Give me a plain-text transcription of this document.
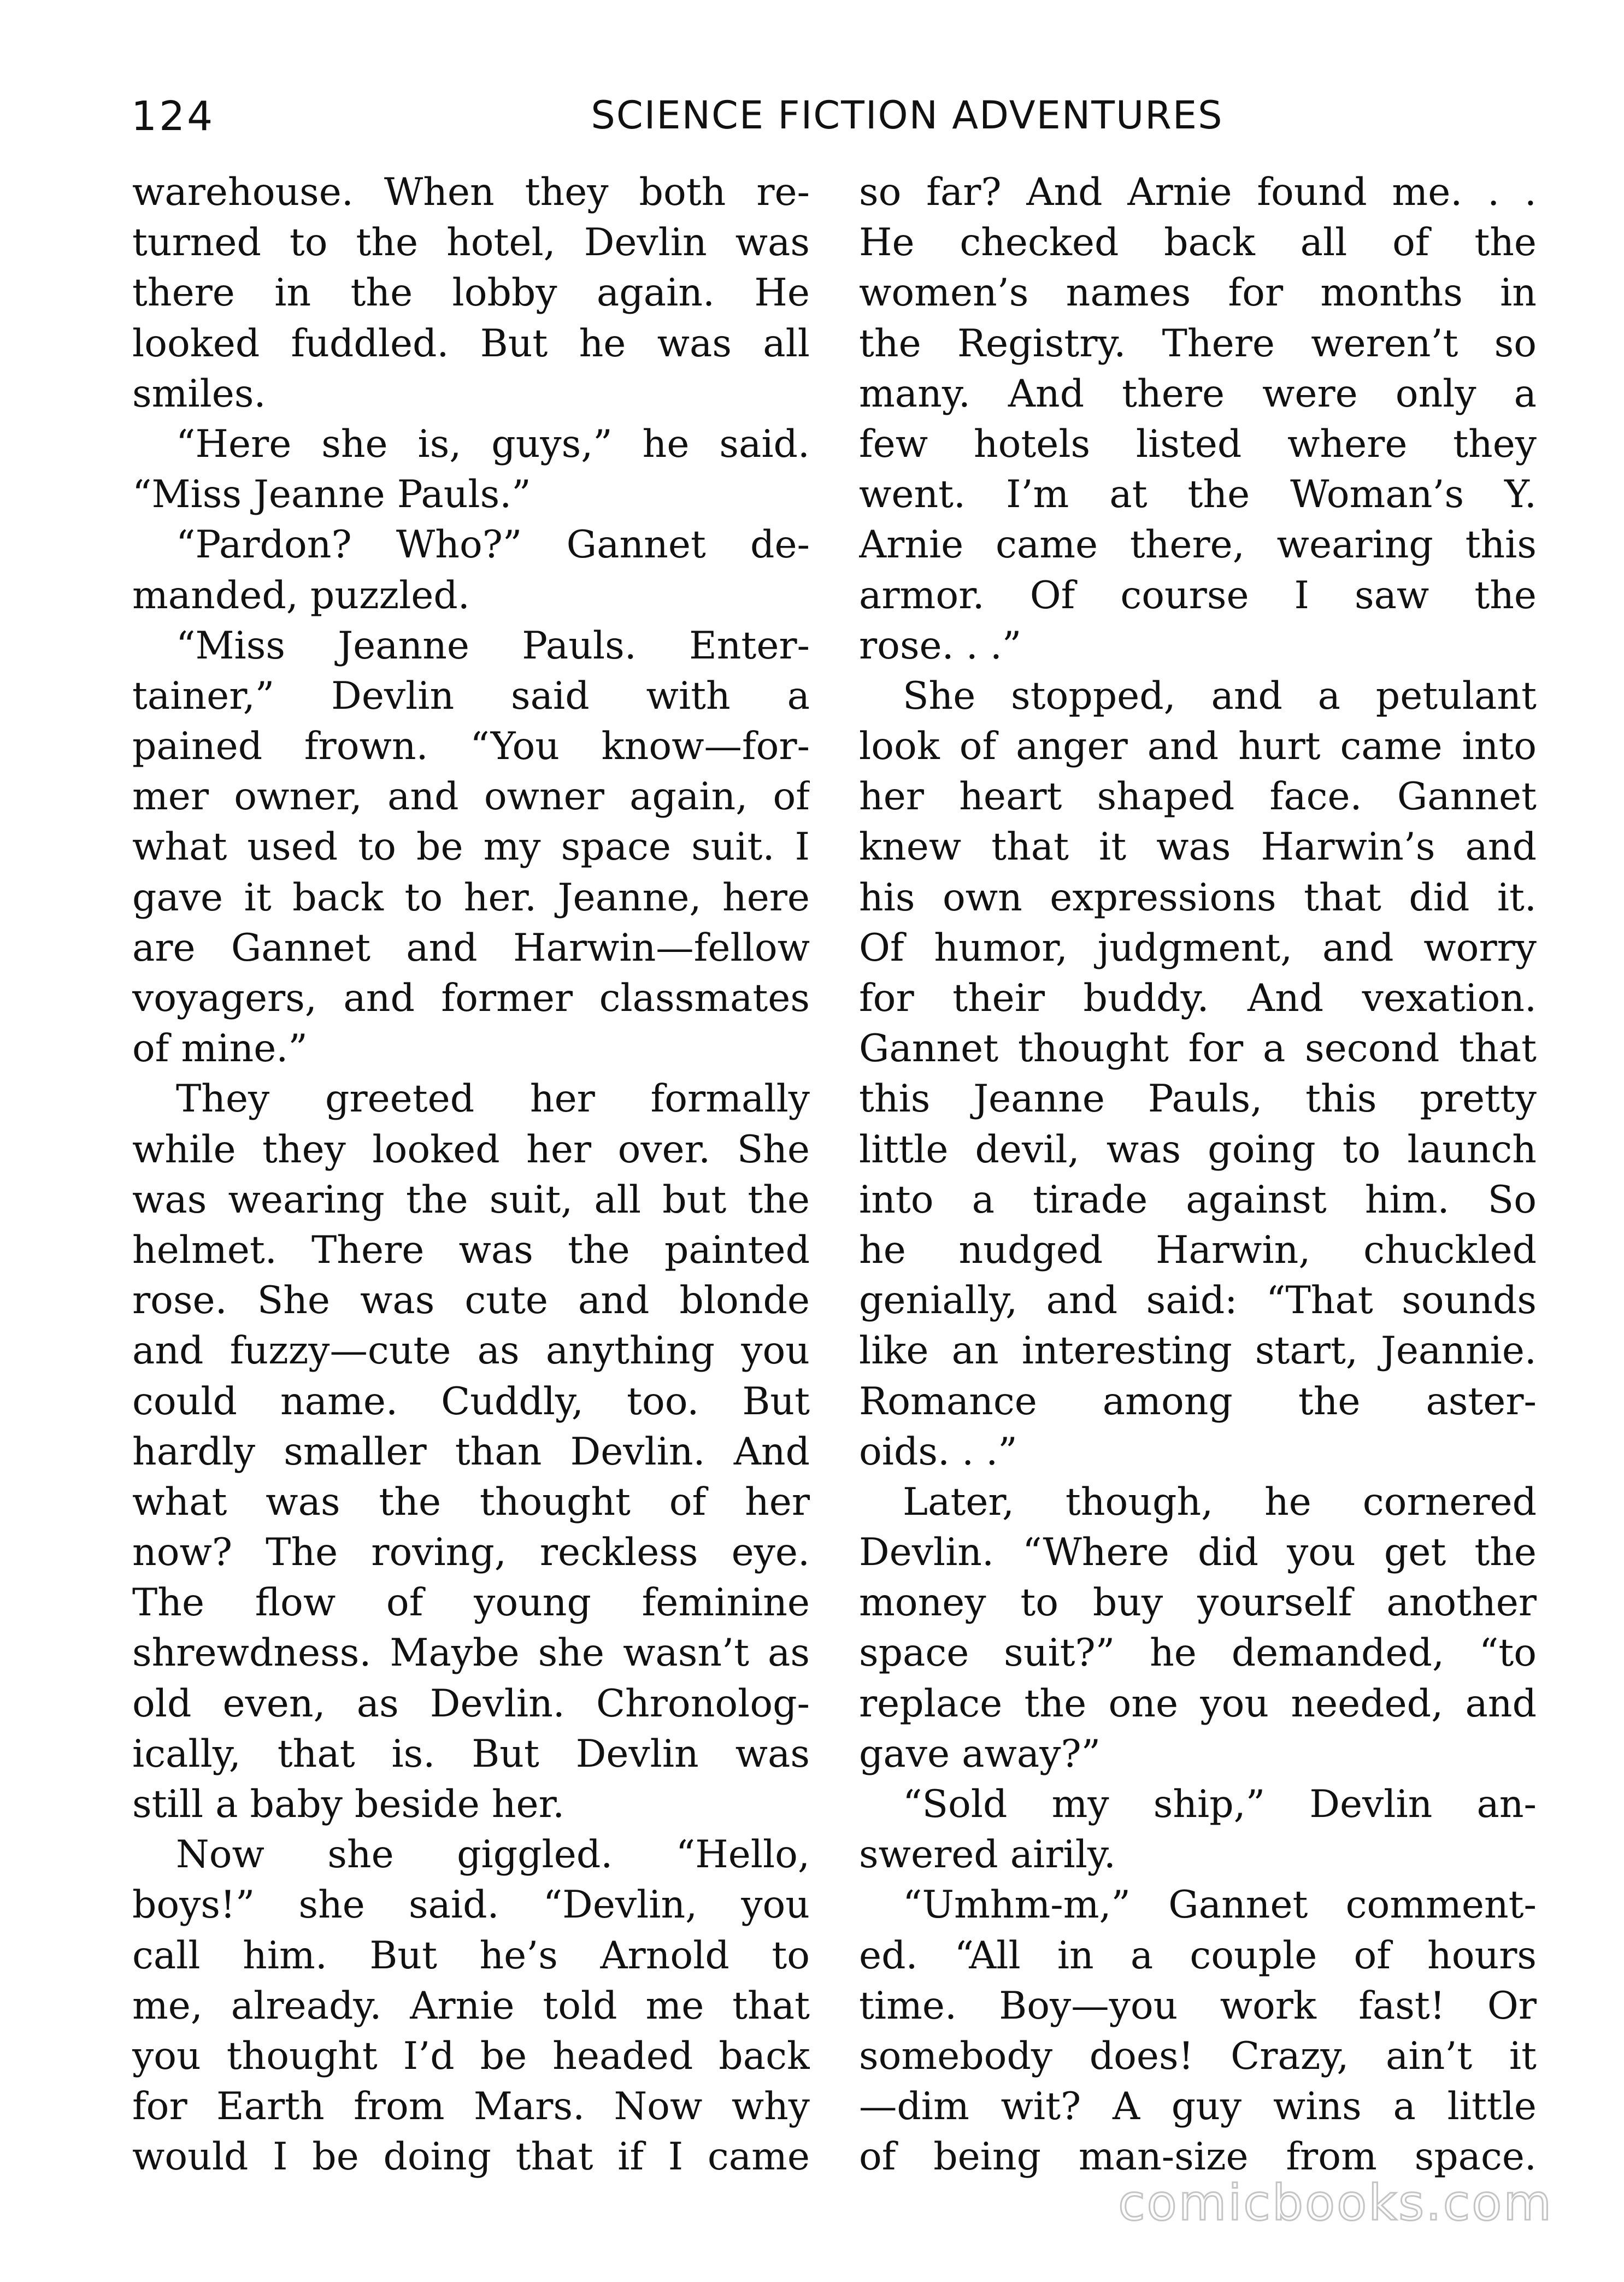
124	SCIENCE FICTION ADVENTURES
warehouse. When they both re-
turned to the hotel, Devlin was
there in the lobby again. He
looked fuddled. But he was all
smiles.
“Here she is, guys,” he said.
“Miss Jeanne Pauls.”
“Pardon? Who?” Gannet de-
manded, puzzled.
“Miss Jeanne Pauls. Enter-
tainer,” Devlin said with a
pained frown. “You know—for-
mer owner, and owner again, of
what used to be my space suit. I
gave it back to her. Jeanne, here
are Gannet and Harwin—fellow
voyagers, and former classmates
of mine.”
They greeted her formally
while they looked her over. She
was wearing the suit, all but the
helmet. There was the painted
rose. She was cute and blonde
and fuzzy—cute as anything you
could name. Cuddly, too. But
hardly smaller than Devlin. And
what was the thought of her
now? The roving, reckless eye.
The flow of young feminine
shrewdness. Maybe she wasn’t as
old even, as Devlin. Chronolog-
ically, that is. But Devlin was
still a baby beside her.
Now she giggled. “Hello,
boys!” she said. “Devlin, you
call him. But he’s Arnold to
me, already. Arnie told me that
you thought I’d be headed back
for Earth from Mars. Now why
would I be doing that if I came
so far? And Arnie found me. . .
He checked back all of the
women’s names for months in
the Registry. There weren’t so
many. And there were only a
few hotels listed where they
went. I’m at the Woman’s Y.
Arnie came there, wearing this
armor. Of course I saw the
rose. . .”
She stopped, and a petulant
look of anger and hurt came into
her heart shaped face. Gannet
knew that it was Harwin’s and
his own expressions that did it.
Of humor, judgment, and worry
for their buddy. And vexation.
Gannet thought for a second that
this Jeanne Pauls, this pretty
little devil, was going to launch
into a tirade against him. So
he nudged Harwin, chuckled
genially, and said: “That sounds
like an interesting start, Jeannie.
Romance among the aster-
oids. . .”
Later, though, he cornered
Devlin. “Where did you get the
money to buy yourself another
space suit?” he demanded, “to
replace the one you needed, and
gave away?”
“Sold my ship,” Devlin an-
swered airily.
“Umhm-m,” Gannet comment-
ed. “All in a couple of hours
time. Boy—you work fast! Or
somebody does! Crazy, ain’t it
—dim wit? A guy wins a little
of being man-size from space.
comicbooks.com
